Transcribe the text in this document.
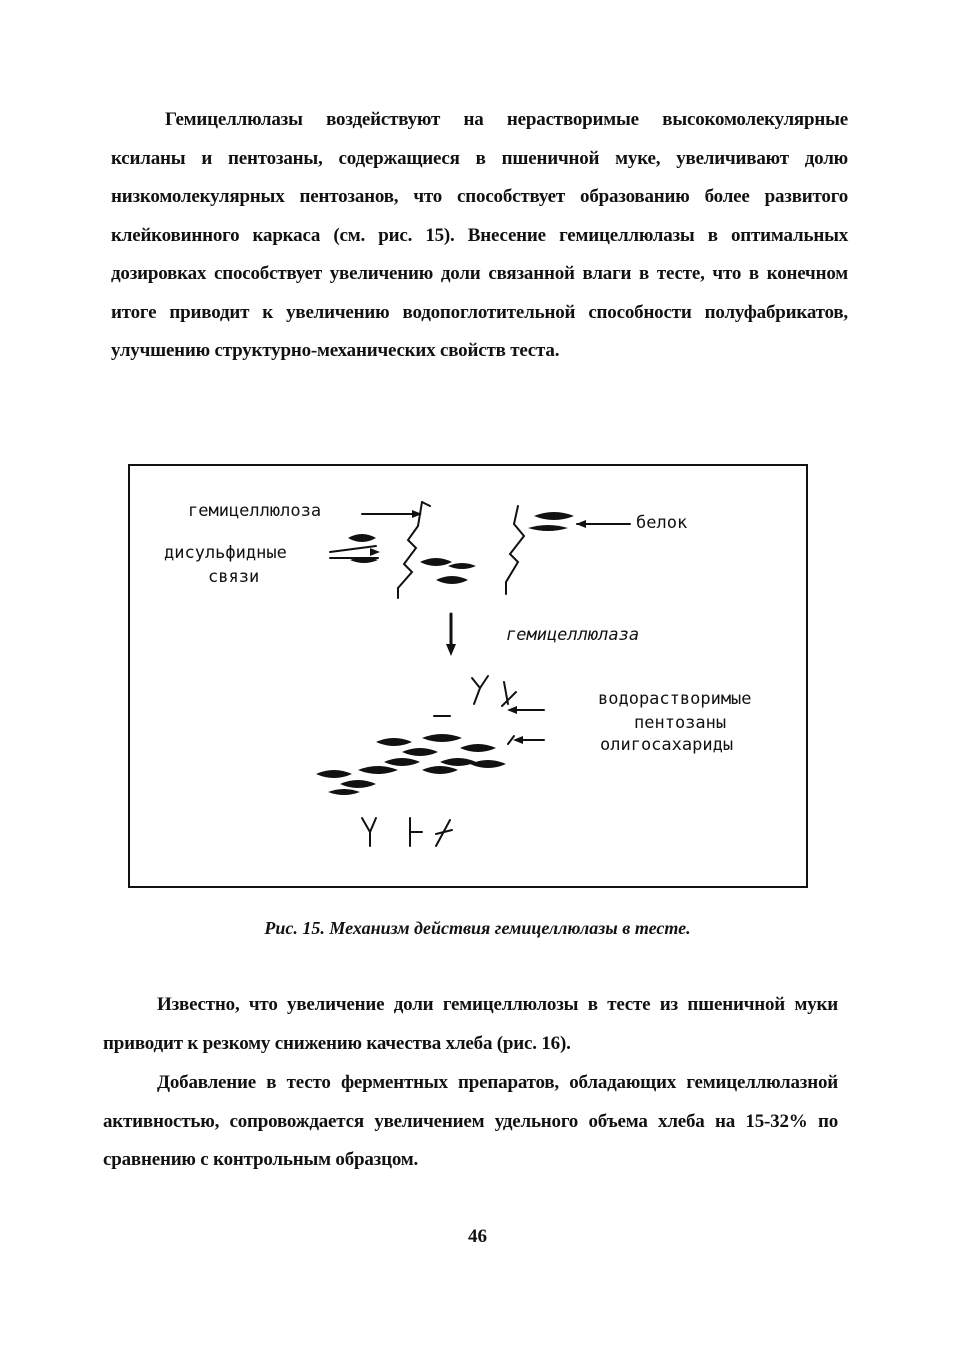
Гемицеллюлазы воздействуют на нерастворимые высокомолекулярные ксиланы и пентозаны, содержащиеся в пшеничной муке, увеличивают долю низкомолекулярных пентозанов, что способствует образованию более развитого клейковинного каркаса (см. рис. 15). Внесение гемицеллюлазы в оптимальных дозировках способствует увеличению доли связанной влаги в тесте, что в конечном итоге приводит к увеличению водопоглотительной способности полуфабрикатов, улучшению структурно-механических свойств теста.
гемицеллюлоза
дисульфидные
связи
белок
гемицеллюлаза
водорастворимые
пентозаны
олигосахариды
Рис. 15. Механизм действия гемицеллюлазы в тесте.
Известно, что увеличение доли гемицеллюлозы в тесте из пшеничной муки приводит к резкому снижению качества хлеба (рис. 16).
Добавление в тесто ферментных препаратов, обладающих гемицеллюлазной активностью, сопровождается увеличением удельного объема хлеба на 15-32% по сравнению с контрольным образцом.
46
